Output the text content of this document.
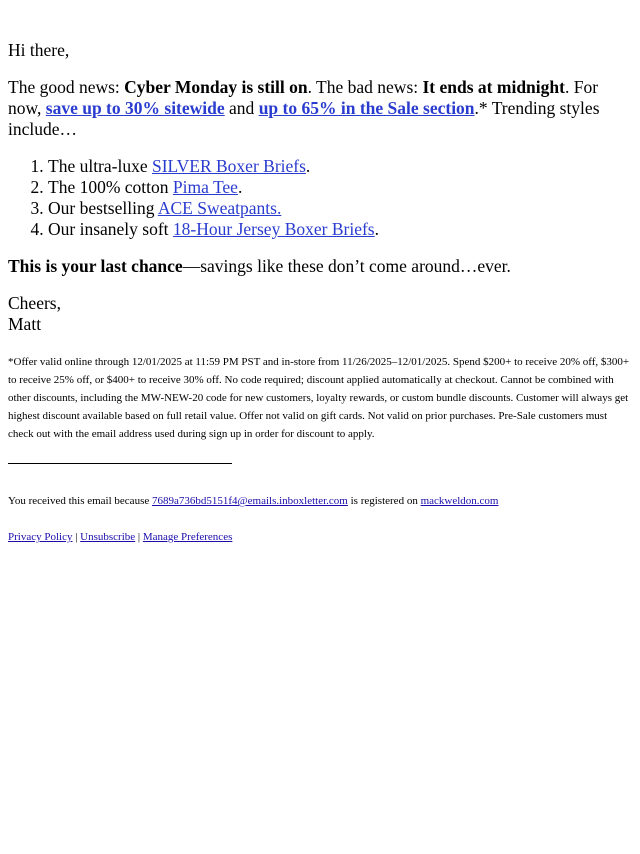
Hi there,

The good news: Cyber Monday is still on. The bad news: It ends at midnight. For now, save up to 30% sitewide and up to 65% in the Sale section.* Trending styles include…

1. The ultra-luxe SILVER Boxer Briefs.
2. The 100% cotton Pima Tee.
3. Our bestselling ACE Sweatpants.
4. Our insanely soft 18-Hour Jersey Boxer Briefs.

This is your last chance—savings like these don’t come around…ever.

Cheers,
Matt

*Offer valid online through 12/01/2025 at 11:59 PM PST and in-store from 11/26/2025–12/01/2025. Spend $200+ to receive 20% off, $300+ to receive 25% off, or $400+ to receive 30% off. No code required; discount applied automatically at checkout. Cannot be combined with other discounts, including the MW-NEW-20 code for new customers, loyalty rewards, or custom bundle discounts. Customer will always get highest discount available based on full retail value. Offer not valid on gift cards. Not valid on prior purchases. Pre-Sale customers must check out with the email address used during sign up in order for discount to apply.

You received this email because 7689a736bd5151f4@emails.inboxletter.com is registered on mackweldon.com

Privacy Policy | Unsubscribe | Manage Preferences
